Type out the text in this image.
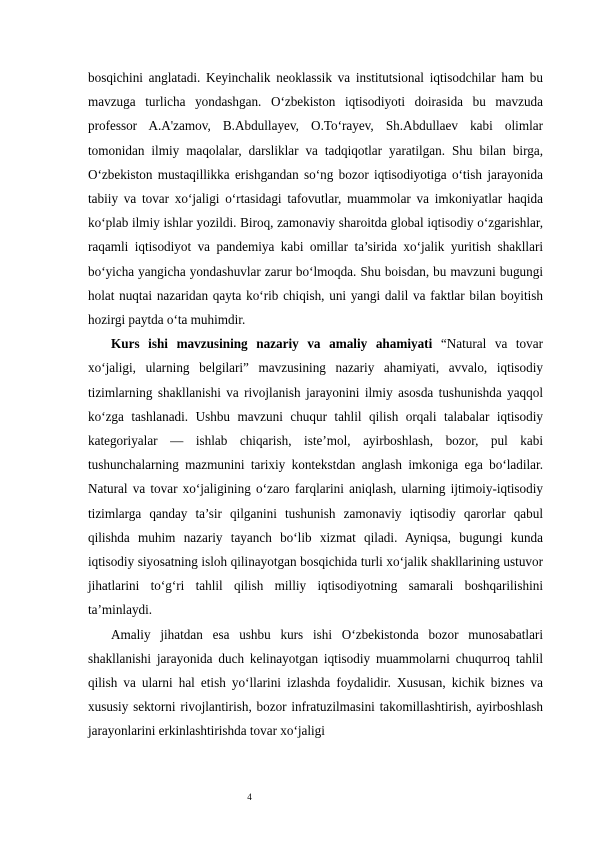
bosqichini anglatadi. Keyinchalik neoklassik va institutsional iqtisodchilar ham bu mavzuga turlicha yondashgan. O‘zbekiston iqtisodiyoti doirasida bu mavzuda professor A.A'zamov, B.Abdullayev, O.To‘rayev, Sh.Abdullaev kabi olimlar tomonidan ilmiy maqolalar, darsliklar va tadqiqotlar yaratilgan. Shu bilan birga, O‘zbekiston mustaqillikka erishgandan so‘ng bozor iqtisodiyotiga o‘tish jarayonida tabiiy va tovar xo‘jaligi o‘rtasidagi tafovutlar, muammolar va imkoniyatlar haqida ko‘plab ilmiy ishlar yozildi. Biroq, zamonaviy sharoitda global iqtisodiy o‘zgarishlar, raqamli iqtisodiyot va pandemiya kabi omillar ta’sirida xo‘jalik yuritish shakllari bo‘yicha yangicha yondashuvlar zarur bo‘lmoqda. Shu boisdan, bu mavzuni bugungi holat nuqtai nazaridan qayta ko‘rib chiqish, uni yangi dalil va faktlar bilan boyitish hozirgi paytda o‘ta muhimdir.

Kurs ishi mavzusining nazariy va amaliy ahamiyati “Natural va tovar xo‘jaligi, ularning belgilari” mavzusining nazariy ahamiyati, avvalo, iqtisodiy tizimlarning shakllanishi va rivojlanish jarayonini ilmiy asosda tushunishda yaqqol ko‘zga tashlanadi. Ushbu mavzuni chuqur tahlil qilish orqali talabalar iqtisodiy kategoriyalar — ishlab chiqarish, iste’mol, ayirboshlash, bozor, pul kabi tushunchalarning mazmunini tarixiy kontekstdan anglash imkoniga ega bo‘ladilar. Natural va tovar xo‘jaligining o‘zaro farqlarini aniqlash, ularning ijtimoiy-iqtisodiy tizimlarga qanday ta’sir qilganini tushunish zamonaviy iqtisodiy qarorlar qabul qilishda muhim nazariy tayanch bo‘lib xizmat qiladi. Ayniqsa, bugungi kunda iqtisodiy siyosatning isloh qilinayotgan bosqichida turli xo‘jalik shakllarining ustuvor jihatlarini to‘g‘ri tahlil qilish milliy iqtisodiyotning samarali boshqarilishini ta’minlaydi.

Amaliy jihatdan esa ushbu kurs ishi O‘zbekistonda bozor munosabatlari shakllanishi jarayonida duch kelinayotgan iqtisodiy muammolarni chuqurroq tahlil qilish va ularni hal etish yo‘llarini izlashda foydalidir. Xususan, kichik biznes va xususiy sektorni rivojlantirish, bozor infratuzilmasini takomillashtirish, ayirboshlash jarayonlarini erkinlashtirishda tovar xo‘jaligi

4
